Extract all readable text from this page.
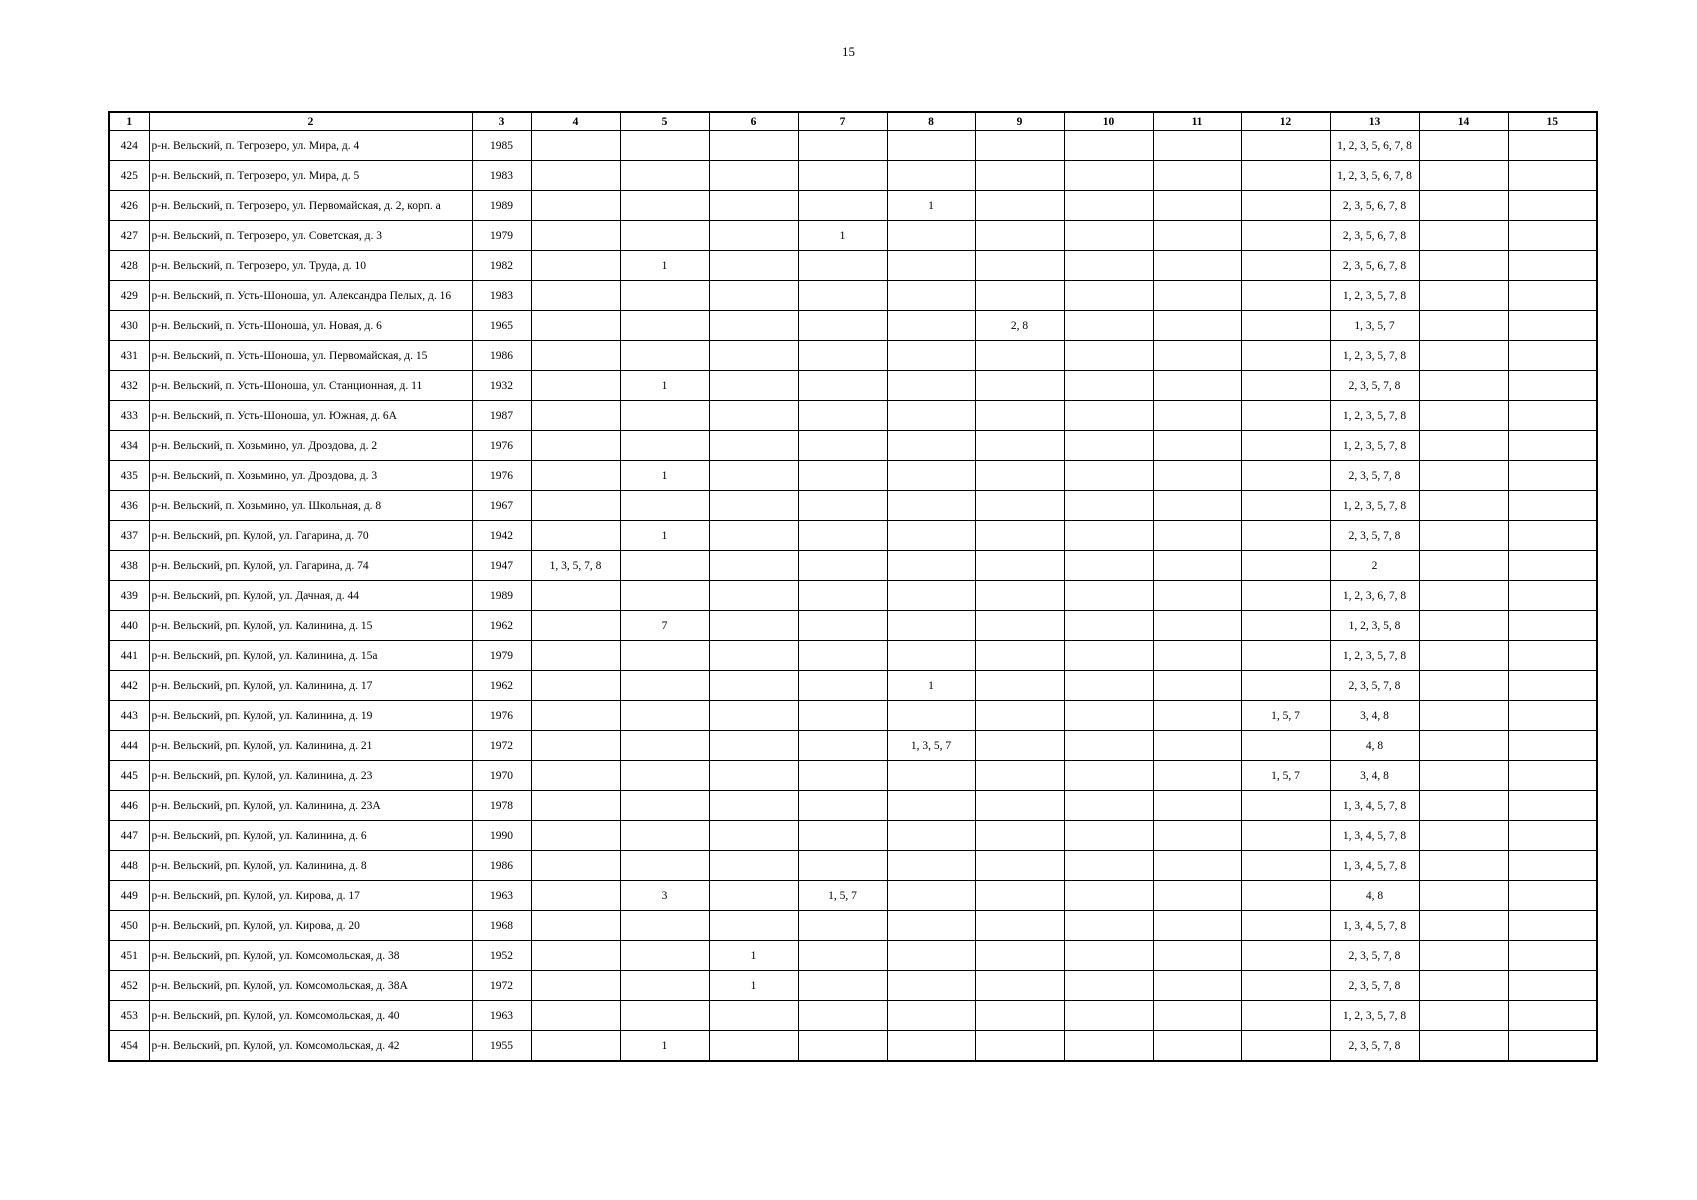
15
1	2	3	4	5	6	7	8	9	10	11	12	13	14	15
424	р-н. Вельский, п. Тегрозеро, ул. Мира, д. 4	1985										1, 2, 3, 5, 6, 7, 8		
425	р-н. Вельский, п. Тегрозеро, ул. Мира, д. 5	1983										1, 2, 3, 5, 6, 7, 8		
426	р-н. Вельский, п. Тегрозеро, ул. Первомайская, д. 2, корп. а	1989					1					2, 3, 5, 6, 7, 8		
427	р-н. Вельский, п. Тегрозеро, ул. Советская, д. 3	1979				1						2, 3, 5, 6, 7, 8		
428	р-н. Вельский, п. Тегрозеро, ул. Труда, д. 10	1982		1								2, 3, 5, 6, 7, 8		
429	р-н. Вельский, п. Усть-Шоноша, ул. Александра Пелых, д. 16	1983										1, 2, 3, 5, 7, 8		
430	р-н. Вельский, п. Усть-Шоноша, ул. Новая, д. 6	1965						2, 8				1, 3, 5, 7		
431	р-н. Вельский, п. Усть-Шоноша, ул. Первомайская, д. 15	1986										1, 2, 3, 5, 7, 8		
432	р-н. Вельский, п. Усть-Шоноша, ул. Станционная, д. 11	1932		1								2, 3, 5, 7, 8		
433	р-н. Вельский, п. Усть-Шоноша, ул. Южная, д. 6А	1987										1, 2, 3, 5, 7, 8		
434	р-н. Вельский, п. Хозьмино, ул. Дроздова, д. 2	1976										1, 2, 3, 5, 7, 8		
435	р-н. Вельский, п. Хозьмино, ул. Дроздова, д. 3	1976		1								2, 3, 5, 7, 8		
436	р-н. Вельский, п. Хозьмино, ул. Школьная, д. 8	1967										1, 2, 3, 5, 7, 8		
437	р-н. Вельский, рп. Кулой, ул. Гагарина, д. 70	1942		1								2, 3, 5, 7, 8		
438	р-н. Вельский, рп. Кулой, ул. Гагарина, д. 74	1947	1, 3, 5, 7, 8									2		
439	р-н. Вельский, рп. Кулой, ул. Дачная, д. 44	1989										1, 2, 3, 6, 7, 8		
440	р-н. Вельский, рп. Кулой, ул. Калинина, д. 15	1962		7								1, 2, 3, 5, 8		
441	р-н. Вельский, рп. Кулой, ул. Калинина, д. 15а	1979										1, 2, 3, 5, 7, 8		
442	р-н. Вельский, рп. Кулой, ул. Калинина, д. 17	1962					1					2, 3, 5, 7, 8		
443	р-н. Вельский, рп. Кулой, ул. Калинина, д. 19	1976									1, 5, 7	3, 4, 8		
444	р-н. Вельский, рп. Кулой, ул. Калинина, д. 21	1972					1, 3, 5, 7					4, 8		
445	р-н. Вельский, рп. Кулой, ул. Калинина, д. 23	1970									1, 5, 7	3, 4, 8		
446	р-н. Вельский, рп. Кулой, ул. Калинина, д. 23А	1978										1, 3, 4, 5, 7, 8		
447	р-н. Вельский, рп. Кулой, ул. Калинина, д. 6	1990										1, 3, 4, 5, 7, 8		
448	р-н. Вельский, рп. Кулой, ул. Калинина, д. 8	1986										1, 3, 4, 5, 7, 8		
449	р-н. Вельский, рп. Кулой, ул. Кирова, д. 17	1963		3		1, 5, 7						4, 8		
450	р-н. Вельский, рп. Кулой, ул. Кирова, д. 20	1968										1, 3, 4, 5, 7, 8		
451	р-н. Вельский, рп. Кулой, ул. Комсомольская, д. 38	1952			1							2, 3, 5, 7, 8		
452	р-н. Вельский, рп. Кулой, ул. Комсомольская, д. 38А	1972			1							2, 3, 5, 7, 8		
453	р-н. Вельский, рп. Кулой, ул. Комсомольская, д. 40	1963										1, 2, 3, 5, 7, 8		
454	р-н. Вельский, рп. Кулой, ул. Комсомольская, д. 42	1955		1								2, 3, 5, 7, 8		
